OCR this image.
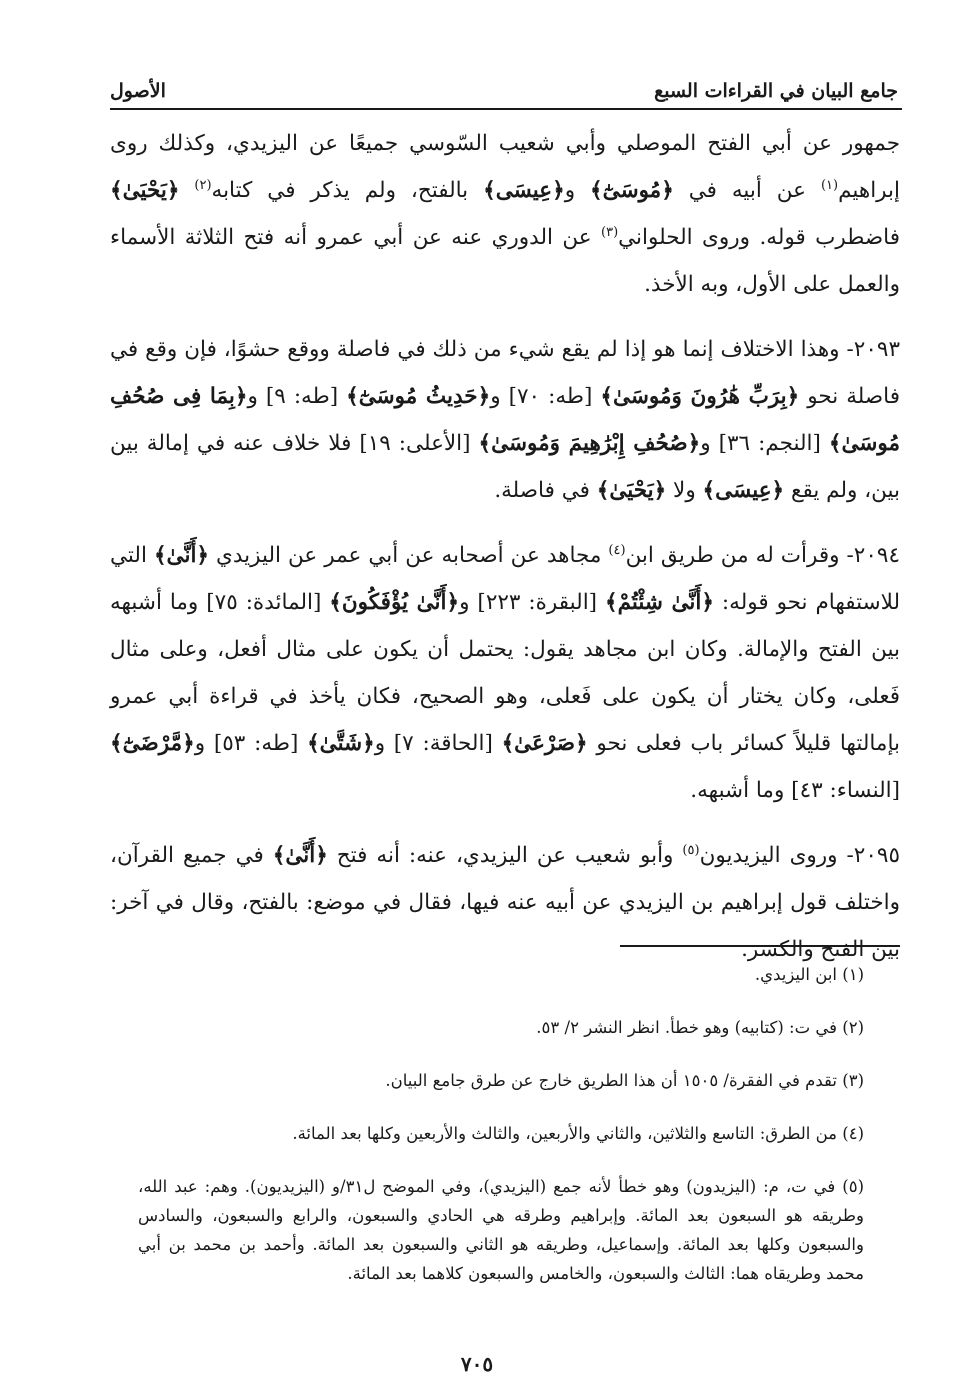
جامع البيان في القراءات السبع
الأصول

جمهور عن أبي الفتح الموصلي وأبي شعيب السّوسي جميعًا عن اليزيدي، وكذلك روى إبراهيم$^{(١)}$ عن أبيه في ﴿مُوسَىٰٓ﴾ و﴿عِيسَى﴾ بالفتح، ولم يذكر في كتابه$^{(٢)}$ ﴿يَحْيَىٰ﴾ فاضطرب قوله. وروى الحلواني$^{(٣)}$ عن الدوري عنه عن أبي عمرو أنه فتح الثلاثة الأسماء والعمل على الأول، وبه الأخذ.

٢٠٩٣- وهذا الاختلاف إنما هو إذا لم يقع شيء من ذلك في فاصلة ووقع حشوًا، فإن وقع في فاصلة نحو ﴿بِرَبِّ هَٰرُونَ وَمُوسَىٰ﴾ [طه: ٧٠] و﴿حَدِيثُ مُوسَىٰٓ﴾ [طه: ٩] و﴿بِمَا فِى صُحُفِ مُوسَىٰ﴾ [النجم: ٣٦] و﴿صُحُفِ إِبْرَٰهِيمَ وَمُوسَىٰ﴾ [الأعلى: ١٩] فلا خلاف عنه في إمالة بين بين، ولم يقع ﴿عِيسَى﴾ ولا ﴿يَحْيَىٰ﴾ في فاصلة.

٢٠٩٤- وقرأت له من طريق ابن$^{(٤)}$ مجاهد عن أصحابه عن أبي عمر عن اليزيدي ﴿أَنَّىٰ﴾ التي للاستفهام نحو قوله: ﴿أَنَّىٰ شِئْتُمْ﴾ [البقرة: ٢٢٣] و﴿أَنَّىٰ يُؤْفَكُونَ﴾ [المائدة: ٧٥] وما أشبهه بين الفتح والإمالة. وكان ابن مجاهد يقول: يحتمل أن يكون على مثال أفعل، وعلى مثال فَعلى، وكان يختار أن يكون على فَعلى، وهو الصحيح، فكان يأخذ في قراءة أبي عمرو بإمالتها قليلاً كسائر باب فعلى نحو ﴿صَرْعَىٰ﴾ [الحاقة: ٧] و﴿شَتَّىٰ﴾ [طه: ٥٣] و﴿مَّرْضَىٰٓ﴾ [النساء: ٤٣] وما أشبهه.

٢٠٩٥- وروى اليزيديون$^{(٥)}$ وأبو شعيب عن اليزيدي، عنه: أنه فتح ﴿أَنَّىٰ﴾ في جميع القرآن، واختلف قول إبراهيم بن اليزيدي عن أبيه عنه فيها، فقال في موضع: بالفتح، وقال في آخر: بين الفتح والكسر.

(١) ابن اليزيدي.

(٢) في ت: (كتابيه) وهو خطأ. انظر النشر ٢/ ٥٣.

(٣) تقدم في الفقرة/ ١٥٠٥ أن هذا الطريق خارج عن طرق جامع البيان.

(٤) من الطرق: التاسع والثلاثين، والثاني والأربعين، والثالث والأربعين وكلها بعد المائة.

(٥) في ت، م: (اليزيدون) وهو خطأ لأنه جمع (اليزيدي)، وفي الموضح ل٣١/و (اليزيديون). وهم: عبد الله، وطريقه هو السبعون بعد المائة. وإبراهيم وطرقه هي الحادي والسبعون، والرابع والسبعون، والسادس والسبعون وكلها بعد المائة. وإسماعيل، وطريقه هو الثاني والسبعون بعد المائة. وأحمد بن محمد بن أبي محمد وطريقاه هما: الثالث والسبعون، والخامس والسبعون كلاهما بعد المائة.

٧٠٥
